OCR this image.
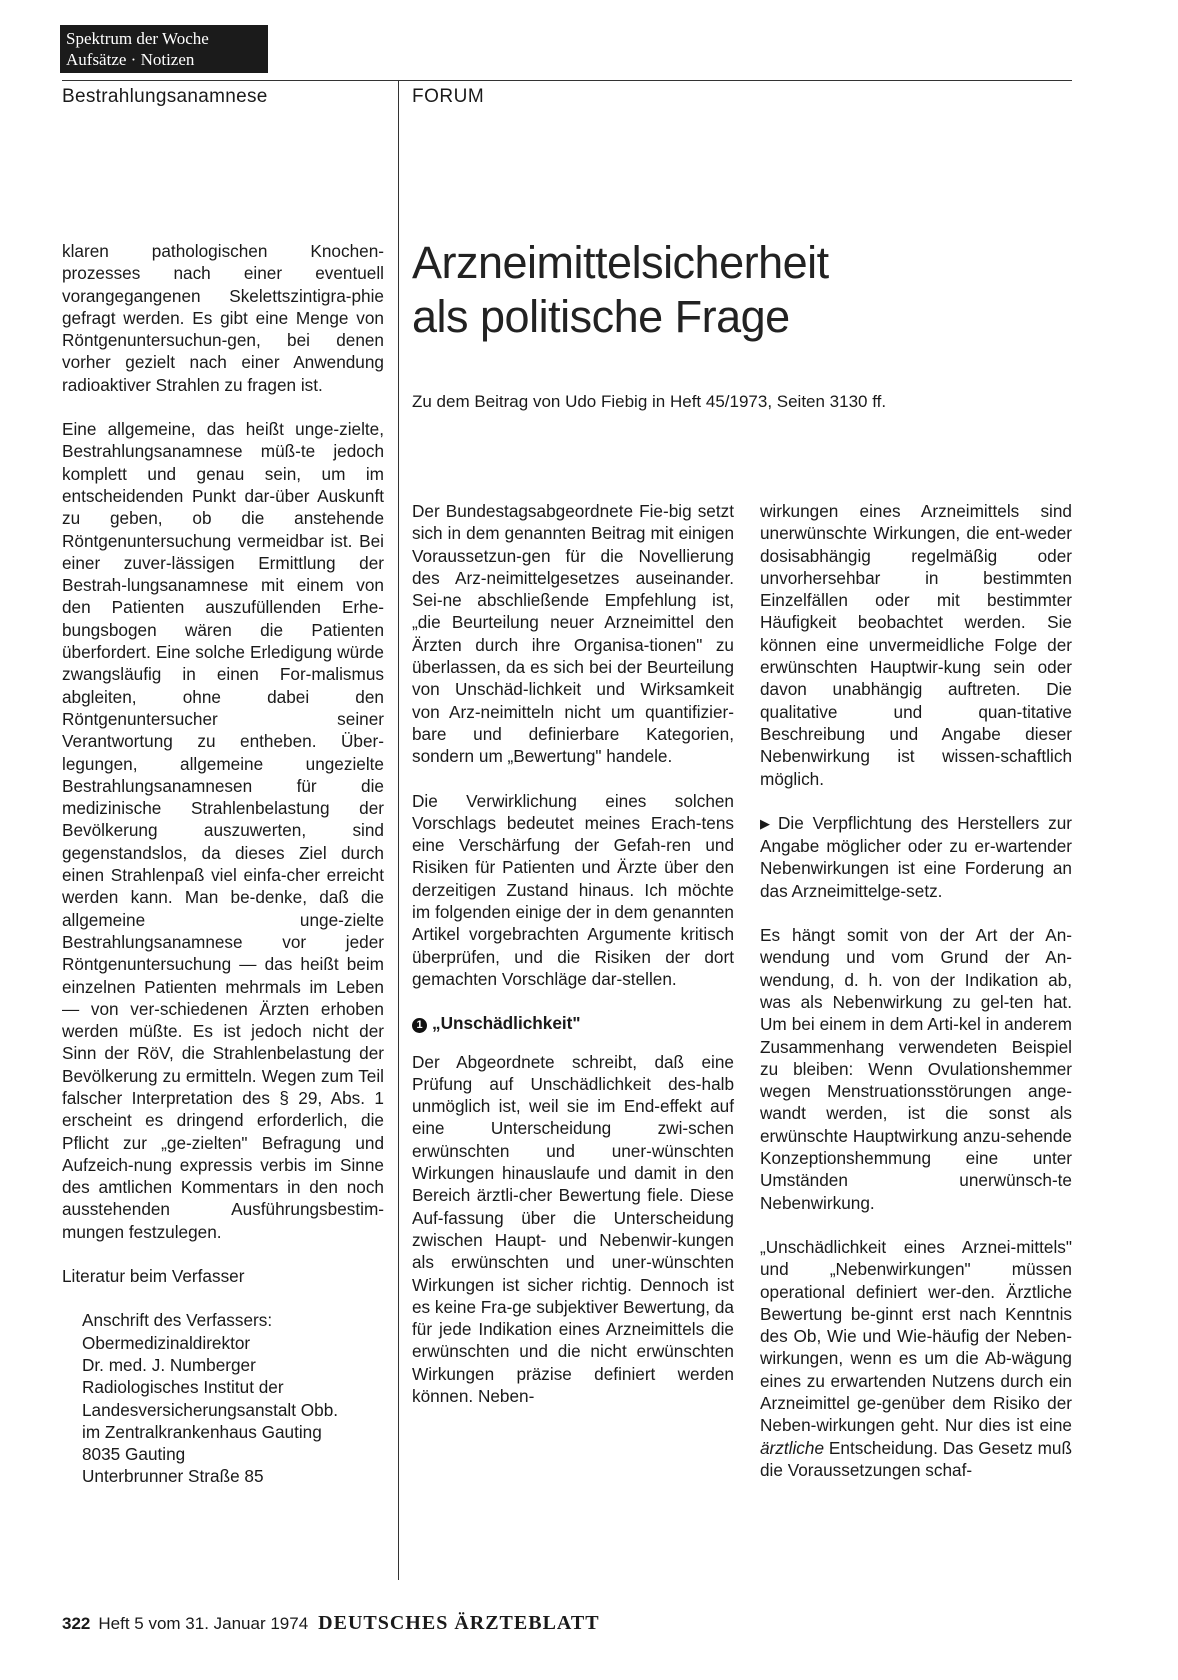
Spektrum der Woche
Aufsätze · Notizen
Bestrahlungsanamnese	FORUM
Arzneimittelsicherheit
als politische Frage
Zu dem Beitrag von Udo Fiebig in Heft 45/1973, Seiten 3130 ff.

klaren pathologischen Knochen-prozesses nach einer eventuell vorangegangenen Skelettszintigra-phie gefragt werden. Es gibt eine Menge von Röntgenuntersuchun-gen, bei denen vorher gezielt nach einer Anwendung radioaktiver Strahlen zu fragen ist.

Eine allgemeine, das heißt unge-zielte, Bestrahlungsanamnese müß-te jedoch komplett und genau sein, um im entscheidenden Punkt dar-über Auskunft zu geben, ob die anstehende Röntgenuntersuchung vermeidbar ist. Bei einer zuver-lässigen Ermittlung der Bestrah-lungsanamnese mit einem von den Patienten auszufüllenden Erhe-bungsbogen wären die Patienten überfordert. Eine solche Erledigung würde zwangsläufig in einen For-malismus abgleiten, ohne dabei den Röntgenuntersucher seiner Verantwortung zu entheben. Über-legungen, allgemeine ungezielte Bestrahlungsanamnesen für die medizinische Strahlenbelastung der Bevölkerung auszuwerten, sind gegenstandslos, da dieses Ziel durch einen Strahlenpaß viel einfa-cher erreicht werden kann. Man be-denke, daß die allgemeine unge-zielte Bestrahlungsanamnese vor jeder Röntgenuntersuchung — das heißt beim einzelnen Patienten mehrmals im Leben — von ver-schiedenen Ärzten erhoben werden müßte. Es ist jedoch nicht der Sinn der RöV, die Strahlenbelastung der Bevölkerung zu ermitteln. Wegen zum Teil falscher Interpretation des § 29, Abs. 1 erscheint es dringend erforderlich, die Pflicht zur „ge-zielten" Befragung und Aufzeich-nung expressis verbis im Sinne des amtlichen Kommentars in den noch ausstehenden Ausführungsbestim-mungen festzulegen.

Literatur beim Verfasser

Anschrift des Verfassers:
Obermedizinaldirektor
Dr. med. J. Numberger
Radiologisches Institut der
Landesversicherungsanstalt Obb.
im Zentralkrankenhaus Gauting
8035 Gauting
Unterbrunner Straße 85

Der Bundestagsabgeordnete Fie-big setzt sich in dem genannten Beitrag mit einigen Voraussetzun-gen für die Novellierung des Arz-neimittelgesetzes auseinander. Sei-ne abschließende Empfehlung ist, „die Beurteilung neuer Arzneimittel den Ärzten durch ihre Organisa-tionen" zu überlassen, da es sich bei der Beurteilung von Unschäd-lichkeit und Wirksamkeit von Arz-neimitteln nicht um quantifizier-bare und definierbare Kategorien, sondern um „Bewertung" handele.

Die Verwirklichung eines solchen Vorschlags bedeutet meines Erach-tens eine Verschärfung der Gefah-ren und Risiken für Patienten und Ärzte über den derzeitigen Zustand hinaus. Ich möchte im folgenden einige der in dem genannten Artikel vorgebrachten Argumente kritisch überprüfen, und die Risiken der dort gemachten Vorschläge dar-stellen.

1 „Unschädlichkeit"

Der Abgeordnete schreibt, daß eine Prüfung auf Unschädlichkeit des-halb unmöglich ist, weil sie im End-effekt auf eine Unterscheidung zwi-schen erwünschten und uner-wünschten Wirkungen hinauslaufe und damit in den Bereich ärztli-cher Bewertung fiele. Diese Auf-fassung über die Unterscheidung zwischen Haupt- und Nebenwir-kungen als erwünschten und uner-wünschten Wirkungen ist sicher richtig. Dennoch ist es keine Fra-ge subjektiver Bewertung, da für jede Indikation eines Arzneimittels die erwünschten und die nicht erwünschten Wirkungen präzise definiert werden können. Neben-

wirkungen eines Arzneimittels sind unerwünschte Wirkungen, die ent-weder dosisabhängig regelmäßig oder unvorhersehbar in bestimmten Einzelfällen oder mit bestimmter Häufigkeit beobachtet werden. Sie können eine unvermeidliche Folge der erwünschten Hauptwir-kung sein oder davon unabhängig auftreten. Die qualitative und quan-titative Beschreibung und Angabe dieser Nebenwirkung ist wissen-schaftlich möglich.

▶ Die Verpflichtung des Herstellers zur Angabe möglicher oder zu er-wartender Nebenwirkungen ist eine Forderung an das Arzneimittelge-setz.

Es hängt somit von der Art der An-wendung und vom Grund der An-wendung, d. h. von der Indikation ab, was als Nebenwirkung zu gel-ten hat. Um bei einem in dem Arti-kel in anderem Zusammenhang verwendeten Beispiel zu bleiben: Wenn Ovulationshemmer wegen Menstruationsstörungen ange-wandt werden, ist die sonst als erwünschte Hauptwirkung anzu-sehende Konzeptionshemmung eine unter Umständen unerwünsch-te Nebenwirkung.

„Unschädlichkeit eines Arznei-mittels" und „Nebenwirkungen" müssen operational definiert wer-den. Ärztliche Bewertung be-ginnt erst nach Kenntnis des Ob, Wie und Wie-häufig der Neben-wirkungen, wenn es um die Ab-wägung eines zu erwartenden Nutzens durch ein Arzneimittel ge-genüber dem Risiko der Neben-wirkungen geht. Nur dies ist eine ärztliche Entscheidung. Das Gesetz muß die Voraussetzungen schaf-

322 Heft 5 vom 31. Januar 1974 DEUTSCHES ÄRZTEBLATT
